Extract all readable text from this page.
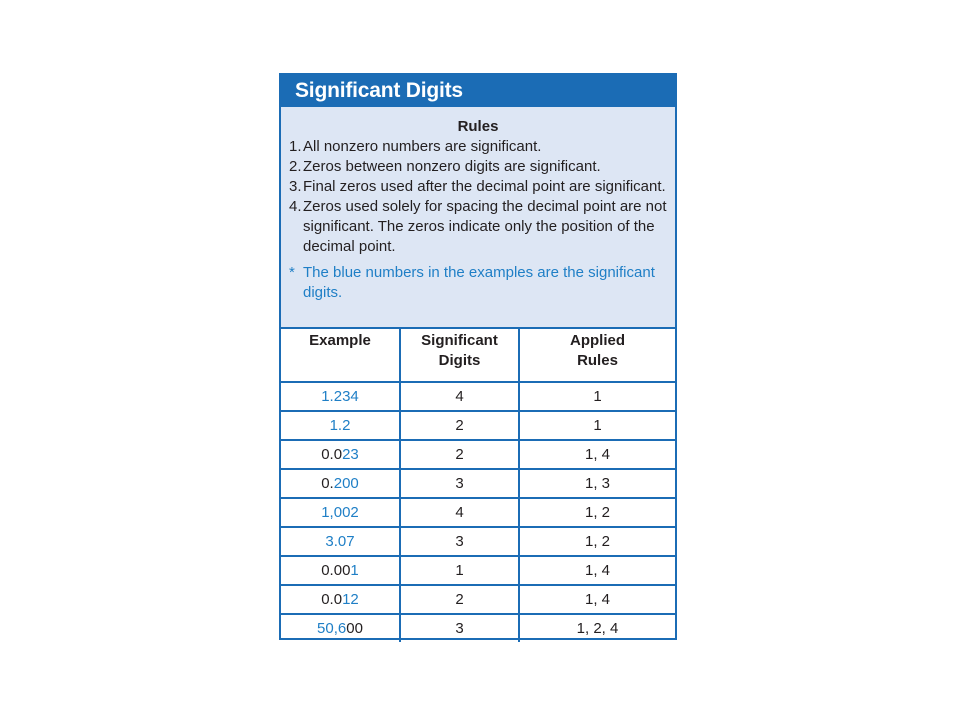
Significant Digits
Rules
1. All nonzero numbers are significant.
2. Zeros between nonzero digits are significant.
3. Final zeros used after the decimal point are significant.
4. Zeros used solely for spacing the decimal point are not significant. The zeros indicate only the position of the decimal point.
* The blue numbers in the examples are the significant digits.
Example	Significant Digits	Applied Rules
1.234	4	1
1.2	2	1
0.023	2	1, 4
0.200	3	1, 3
1,002	4	1, 2
3.07	3	1, 2
0.001	1	1, 4
0.012	2	1, 4
50,600	3	1, 2, 4
